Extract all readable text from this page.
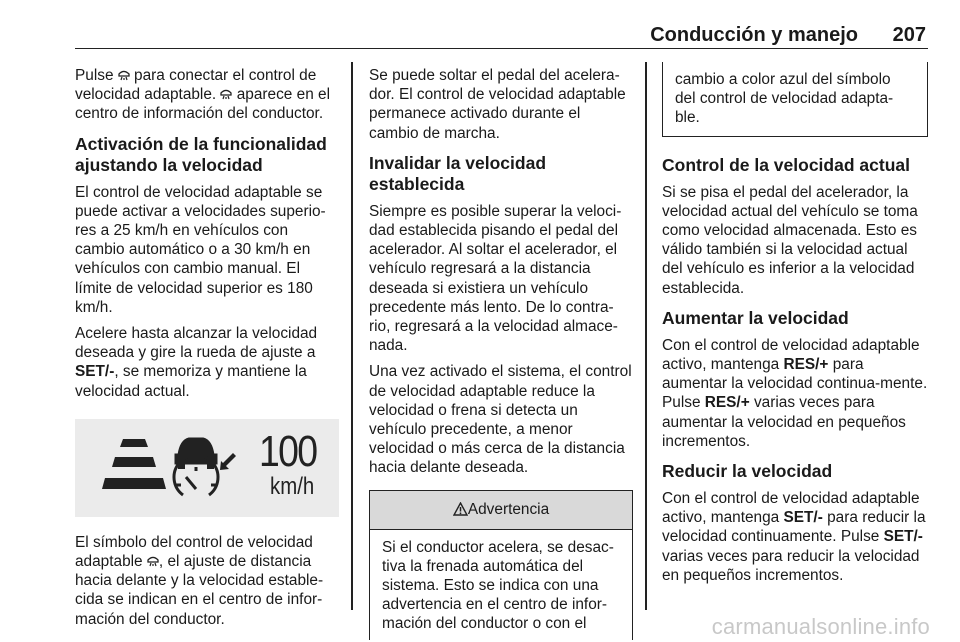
Conducción y manejo 207

Pulse  para conectar el control de velocidad adaptable.  aparece en el centro de información del conductor.

Activación de la funcionalidad ajustando la velocidad

El control de velocidad adaptable se puede activar a velocidades superio-res a 25 km/h en vehículos con cambio automático o a 30 km/h en vehículos con cambio manual. El límite de velocidad superior es 180 km/h.

Acelere hasta alcanzar la velocidad deseada y gire la rueda de ajuste a SET/-, se memoriza y mantiene la velocidad actual.

100
km/h

El símbolo del control de velocidad adaptable , el ajuste de distancia hacia delante y la velocidad estable-cida se indican en el centro de infor-mación del conductor.

Se puede soltar el pedal del acelera-dor. El control de velocidad adaptable permanece activado durante el cambio de marcha.

Invalidar la velocidad establecida

Siempre es posible superar la veloci-dad establecida pisando el pedal del acelerador. Al soltar el acelerador, el vehículo regresará a la distancia deseada si existiera un vehículo precedente más lento. De lo contra-rio, regresará a la velocidad almace-nada.

Una vez activado el sistema, el control de velocidad adaptable reduce la velocidad o frena si detecta un vehículo precedente, a menor velocidad o más cerca de la distancia hacia delante deseada.

Advertencia

Si el conductor acelera, se desac-tiva la frenada automática del sistema. Esto se indica con una advertencia en el centro de infor-mación del conductor o con el

cambio a color azul del símbolo del control de velocidad adapta-ble.

Control de la velocidad actual

Si se pisa el pedal del acelerador, la velocidad actual del vehículo se toma como velocidad almacenada. Esto es válido también si la velocidad actual del vehículo es inferior a la velocidad establecida.

Aumentar la velocidad

Con el control de velocidad adaptable activo, mantenga RES/+ para aumentar la velocidad continua-mente. Pulse RES/+ varias veces para aumentar la velocidad en pequeños incrementos.

Reducir la velocidad

Con el control de velocidad adaptable activo, mantenga SET/- para reducir la velocidad continuamente. Pulse SET/- varias veces para reducir la velocidad en pequeños incrementos.

carmanualsonline.info
